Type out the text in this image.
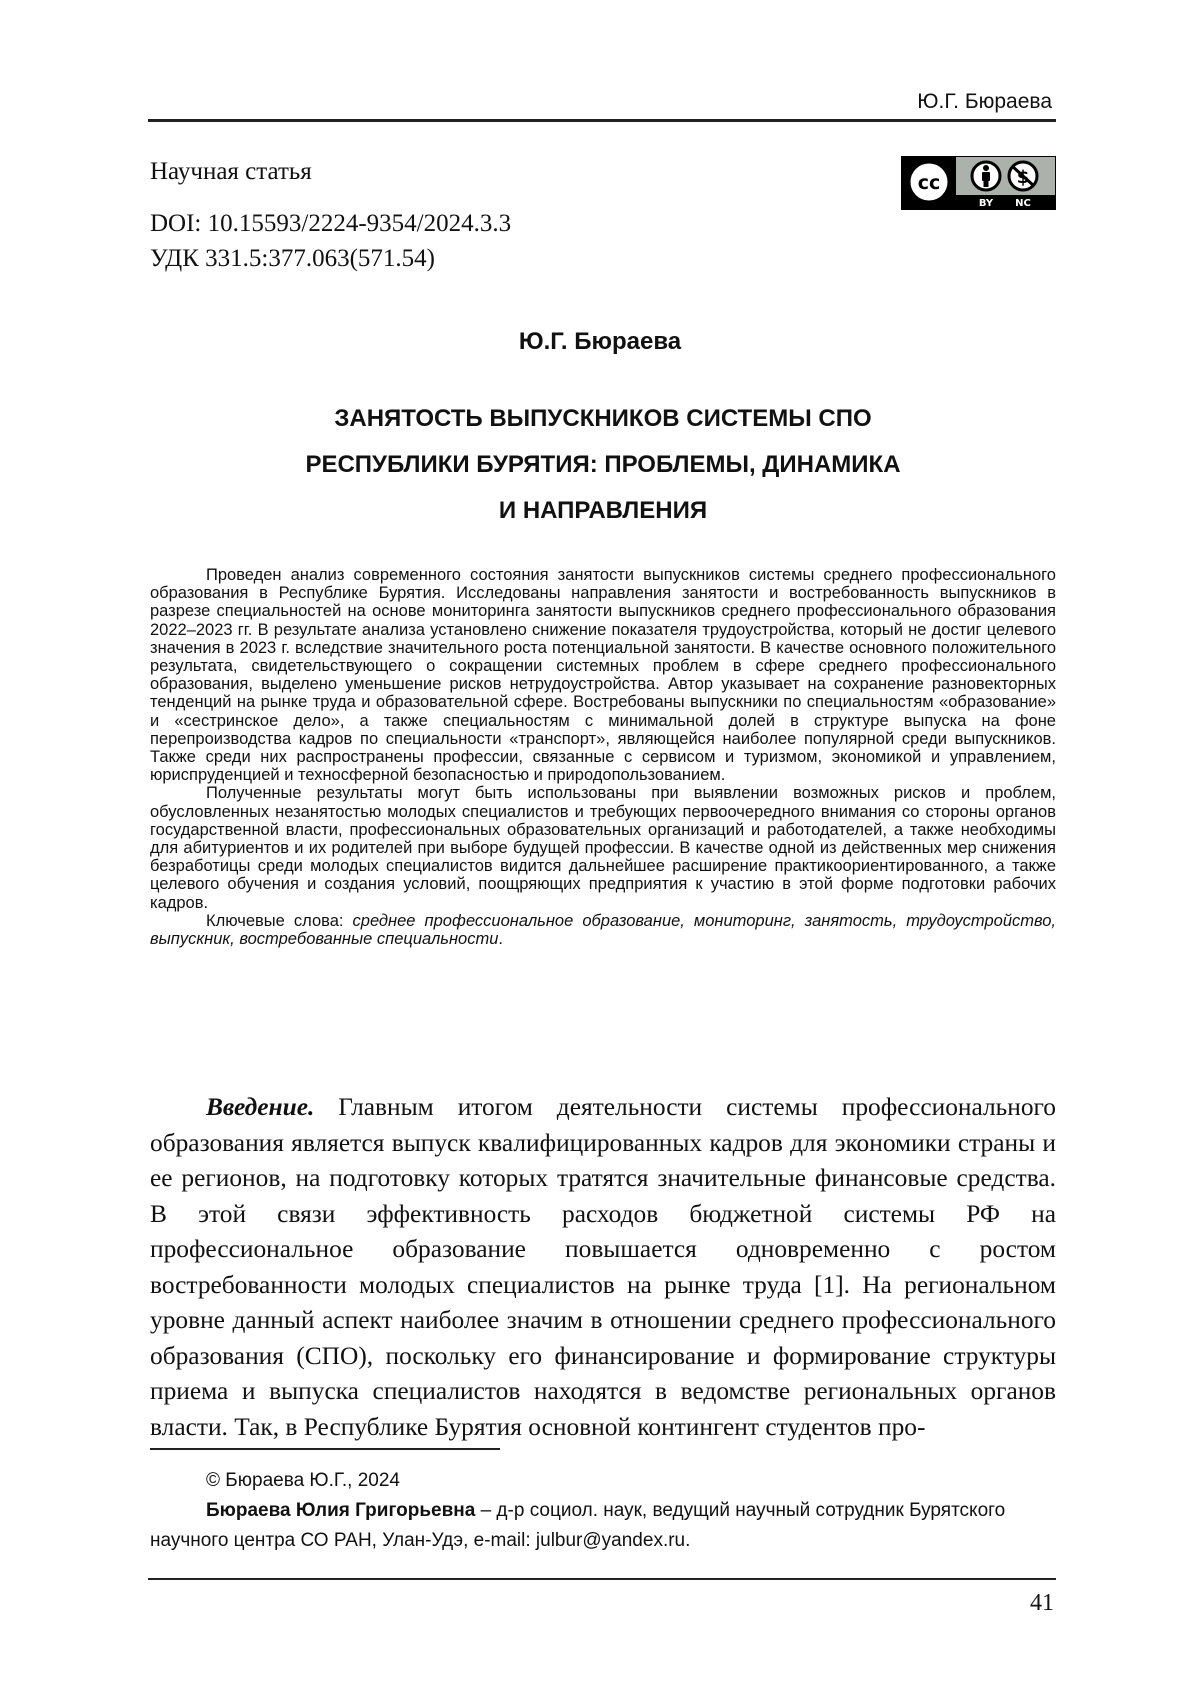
Ю.Г. Бюраева
Научная статья
DOI: 10.15593/2224-9354/2024.3.3
УДК 331.5:377.063(571.54)
cc
BY NC
Ю.Г. Бюраева
ЗАНЯТОСТЬ ВЫПУСКНИКОВ СИСТЕМЫ СПО
РЕСПУБЛИКИ БУРЯТИЯ: ПРОБЛЕМЫ, ДИНАМИКА
И НАПРАВЛЕНИЯ

Проведен анализ современного состояния занятости выпускников системы среднего профессионального образования в Республике Бурятия. Исследованы направления занятости и востребованность выпускников в разрезе специальностей на основе мониторинга занятости выпускников среднего профессионального образования 2022–2023 гг. В результате анализа установлено снижение показателя трудоустройства, который не достиг целевого значения в 2023 г. вследствие значительного роста потенциальной занятости. В качестве основного положительного результата, свидетельствующего о сокращении системных проблем в сфере среднего профессионального образования, выделено уменьшение рисков нетрудоустройства. Автор указывает на сохранение разновекторных тенденций на рынке труда и образовательной сфере. Востребованы выпускники по специальностям «образование» и «сестринское дело», а также специальностям с минимальной долей в структуре выпуска на фоне перепроизводства кадров по специальности «транспорт», являющейся наиболее популярной среди выпускников. Также среди них распространены профессии, связанные с сервисом и туризмом, экономикой и управлением, юриспруденцией и техносферной безопасностью и природопользованием.

Полученные результаты могут быть использованы при выявлении возможных рисков и проблем, обусловленных незанятостью молодых специалистов и требующих первоочередного внимания со стороны органов государственной власти, профессиональных образовательных организаций и работодателей, а также необходимы для абитуриентов и их родителей при выборе будущей профессии. В качестве одной из действенных мер снижения безработицы среди молодых специалистов видится дальнейшее расширение практикоориентированного, а также целевого обучения и создания условий, поощряющих предприятия к участию в этой форме подготовки рабочих кадров.

Ключевые слова: среднее профессиональное образование, мониторинг, занятость, трудоустройство, выпускник, востребованные специальности.

Введение. Главным итогом деятельности системы профессионального образования является выпуск квалифицированных кадров для экономики страны и ее регионов, на подготовку которых тратятся значительные финансовые средства. В этой связи эффективность расходов бюджетной системы РФ на профессиональное образование повышается одновременно с ростом востребованности молодых специалистов на рынке труда [1]. На региональном уровне данный аспект наиболее значим в отношении среднего профессионального образования (СПО), поскольку его финансирование и формирование структуры приема и выпуска специалистов находятся в ведомстве региональных органов власти. Так, в Республике Бурятия основной контингент студентов про-

© Бюраева Ю.Г., 2024

Бюраева Юлия Григорьевна – д-р социол. наук, ведущий научный сотрудник Бурятского научного центра СО РАН, Улан-Удэ, e-mail: julbur@yandex.ru.

41
